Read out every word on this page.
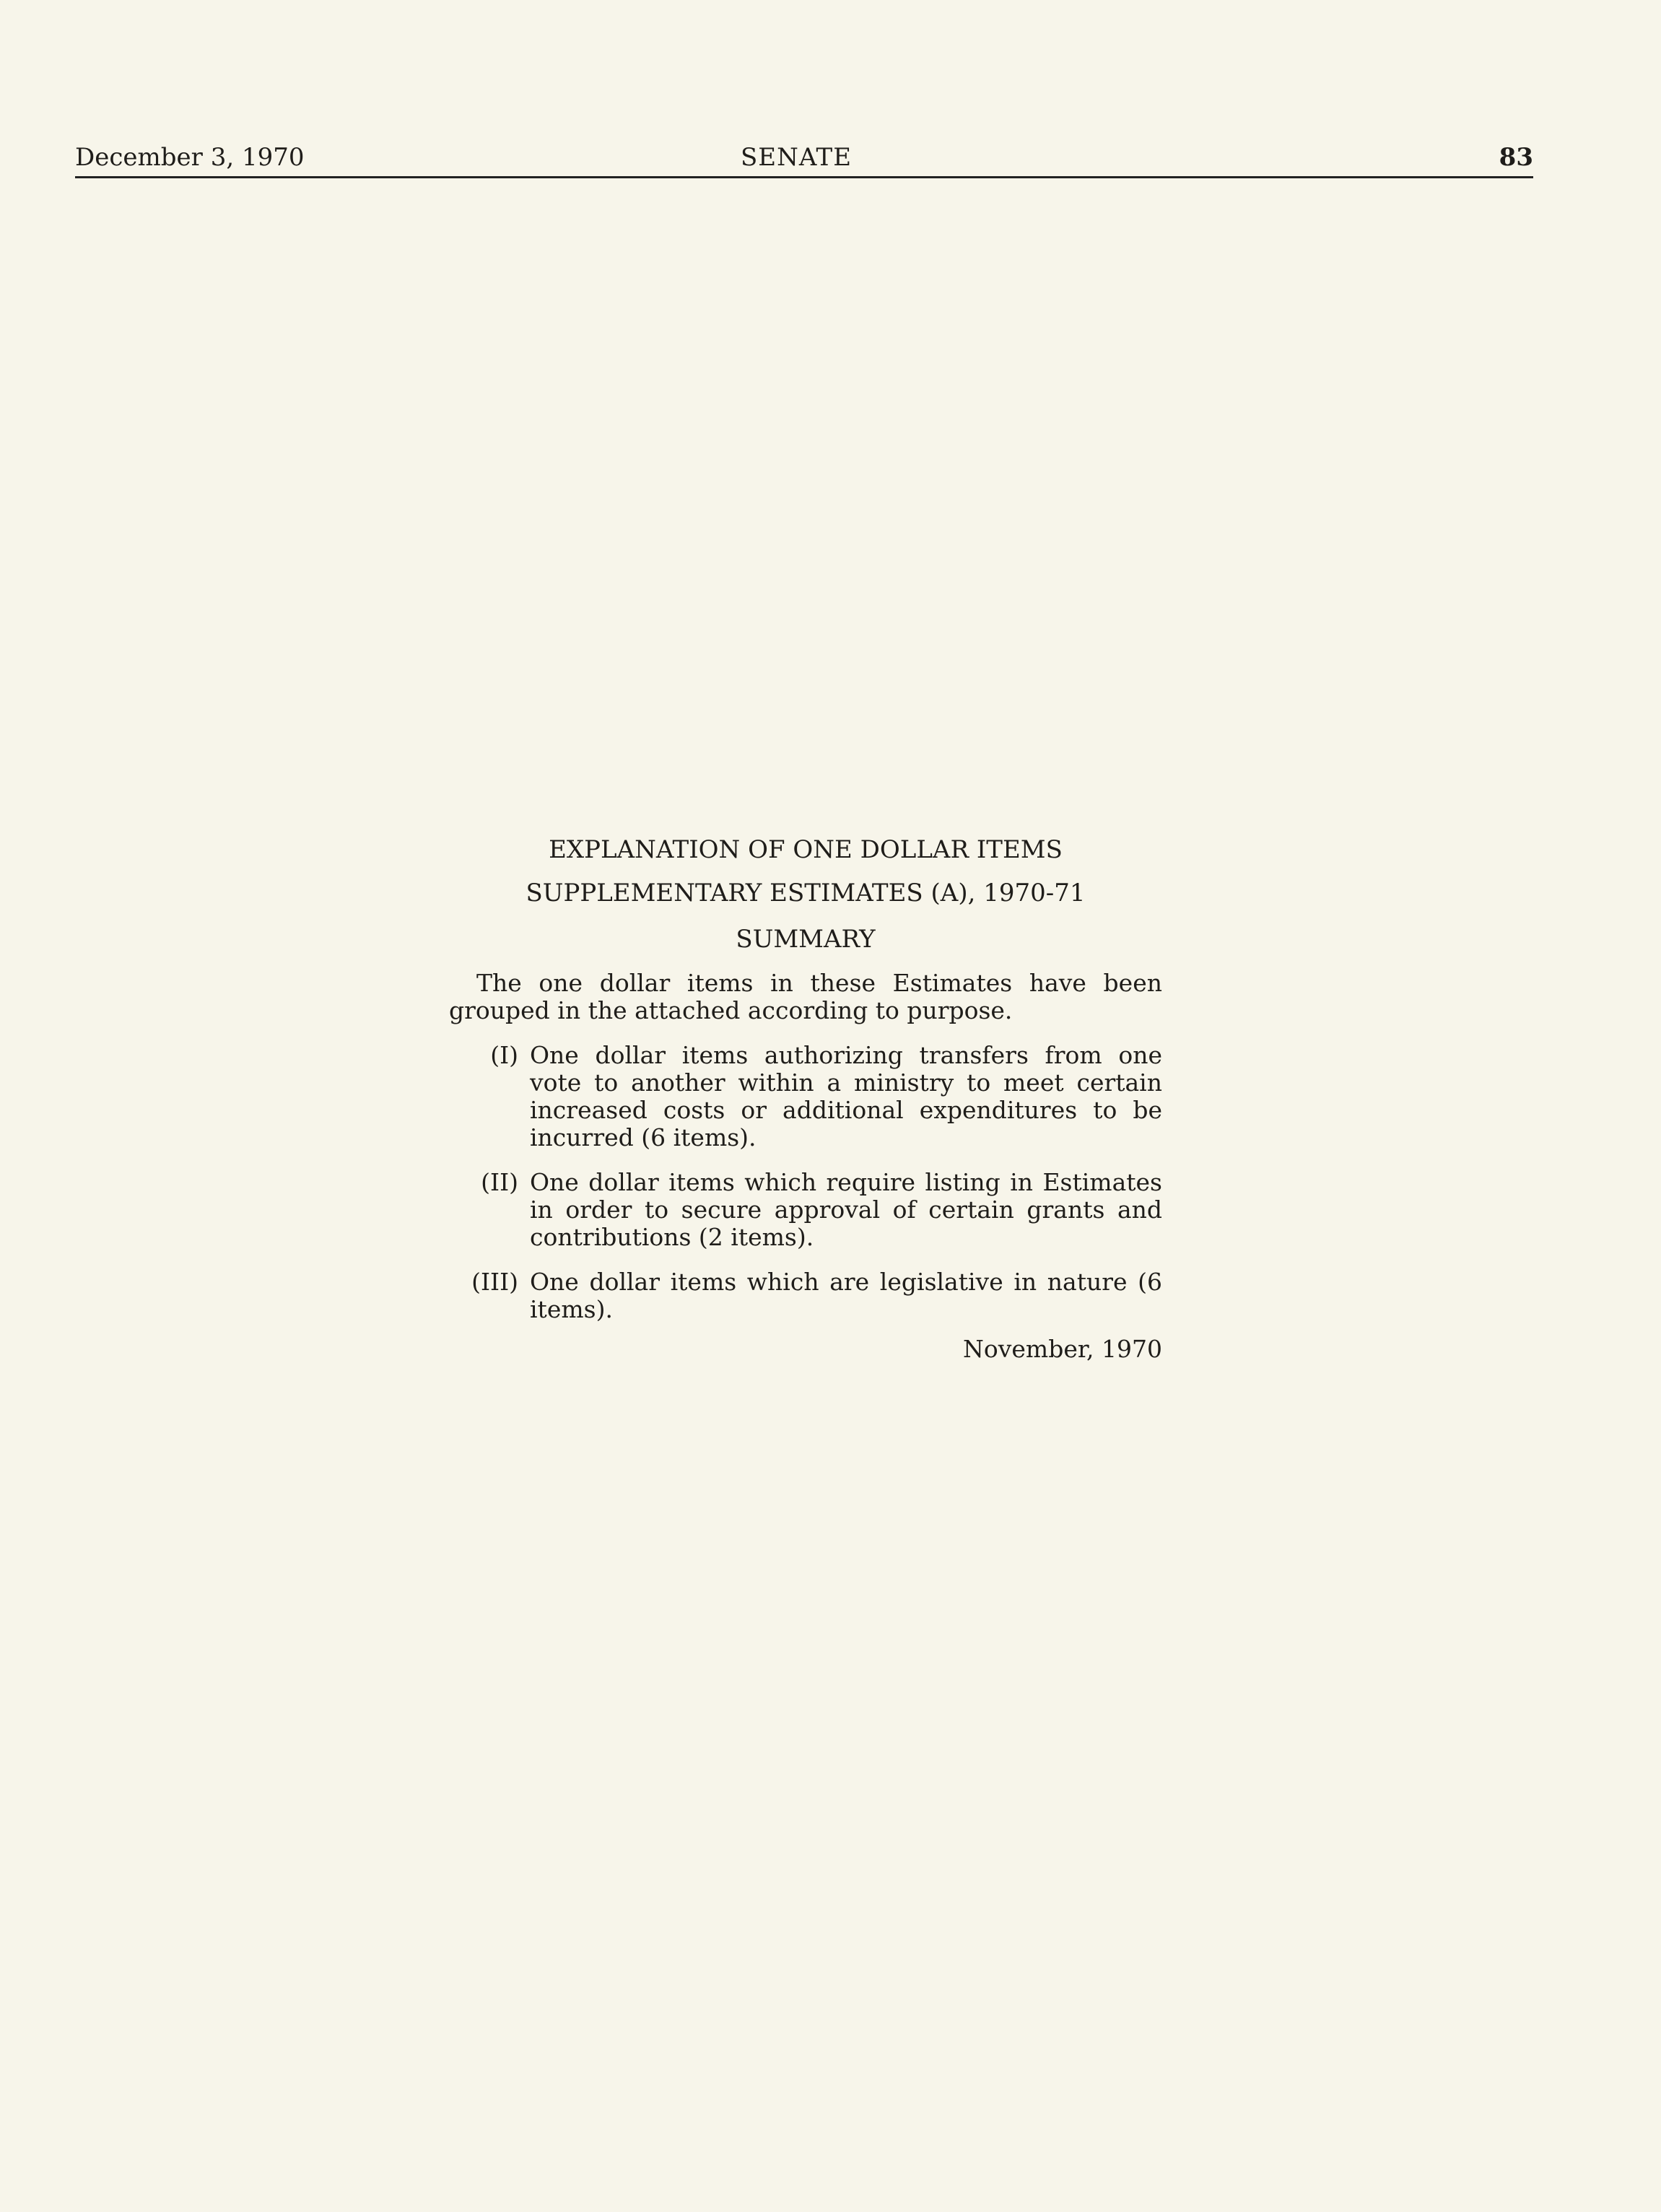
December 3, 1970	SENATE	83

EXPLANATION OF ONE DOLLAR ITEMS

SUPPLEMENTARY ESTIMATES (A), 1970-71

SUMMARY

The one dollar items in these Estimates have been grouped in the attached according to purpose.
(I) One dollar items authorizing transfers from one vote to another within a ministry to meet certain increased costs or additional expenditures to be incurred (6 items).
(II) One dollar items which require listing in Estimates in order to secure approval of certain grants and contributions (2 items).
(III) One dollar items which are legislative in nature (6 items).
November, 1970
